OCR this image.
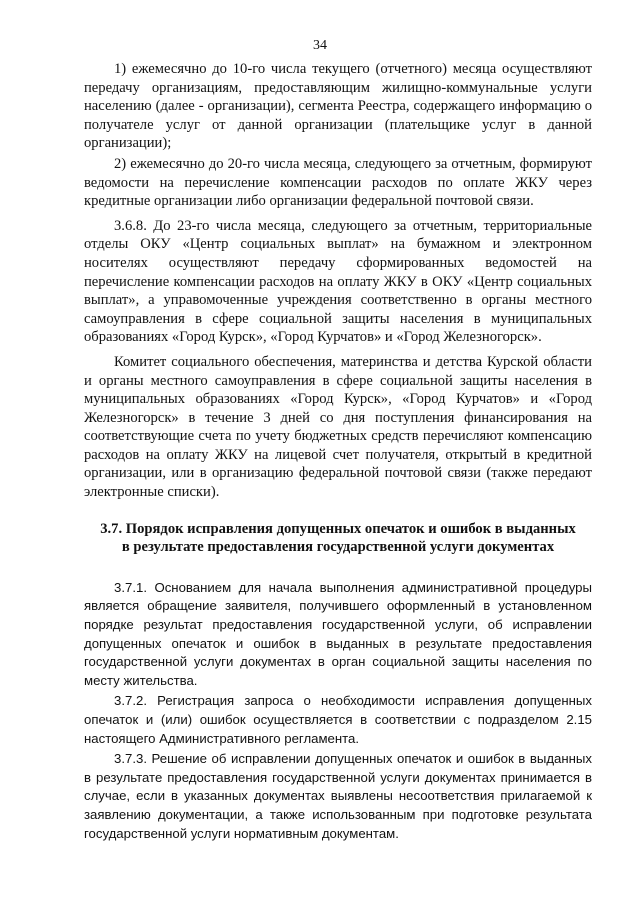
34

1) ежемесячно до 10-го числа текущего (отчетного) месяца осуществляют передачу организациям, предоставляющим жилищно-коммунальные услуги населению (далее - организации), сегмента Реестра, содержащего информацию о получателе услуг от данной организации (плательщике услуг в данной организации);

2) ежемесячно до 20-го числа месяца, следующего за отчетным, формируют ведомости на перечисление компенсации расходов по оплате ЖКУ через кредитные организации либо организации федеральной почтовой связи.

3.6.8. До 23-го числа месяца, следующего за отчетным, территориальные отделы ОКУ «Центр социальных выплат» на бумажном и электронном носителях осуществляют передачу сформированных ведомостей на перечисление компенсации расходов на оплату ЖКУ в ОКУ «Центр социальных выплат», а управомоченные учреждения соответственно в органы местного самоуправления в сфере социальной защиты населения в муниципальных образованиях «Город Курск», «Город Курчатов» и «Город Железногорск».

Комитет социального обеспечения, материнства и детства Курской области и органы местного самоуправления в сфере социальной защиты населения в муниципальных образованиях «Город Курск», «Город Курчатов» и «Город Железногорск» в течение 3 дней со дня поступления финансирования на соответствующие счета по учету бюджетных средств перечисляют компенсацию расходов на оплату ЖКУ на лицевой счет получателя, открытый в кредитной организации, или в организацию федеральной почтовой связи (также передают электронные списки).

3.7. Порядок исправления допущенных опечаток и ошибок в выданных
в результате предоставления государственной услуги документах

3.7.1. Основанием для начала выполнения административной процедуры является обращение заявителя, получившего оформленный в установленном порядке результат предоставления государственной услуги, об исправлении допущенных опечаток и ошибок в выданных в результате предоставления государственной услуги документах в орган социальной защиты населения по месту жительства.

3.7.2. Регистрация запроса о необходимости исправления допущенных опечаток и (или) ошибок осуществляется в соответствии с подразделом 2.15 настоящего Административного регламента.

3.7.3. Решение об исправлении допущенных опечаток и ошибок в выданных в результате предоставления государственной услуги документах принимается в случае, если в указанных документах выявлены несоответствия прилагаемой к заявлению документации, а также использованным при подготовке результата государственной услуги нормативным документам.
